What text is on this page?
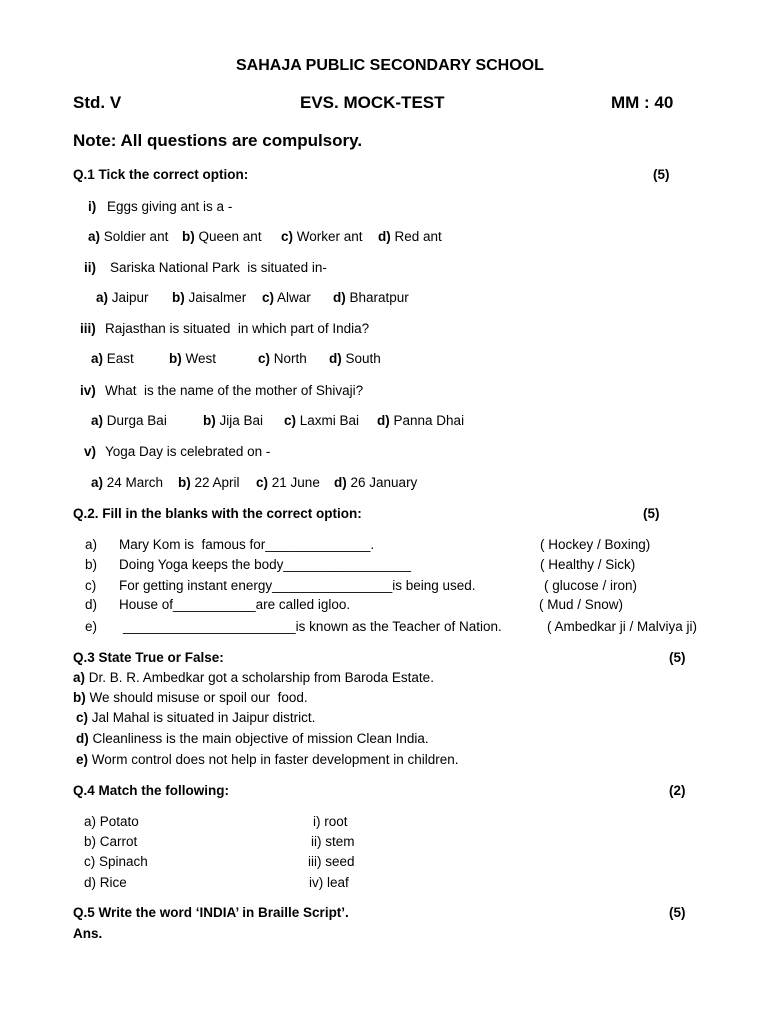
SAHAJA PUBLIC SECONDARY SCHOOL
Std. V	EVS. MOCK-TEST	MM : 40
Note: All questions are compulsory.
Q.1 Tick the correct option:	(5)
i) Eggs giving ant is a -
a) Soldier ant b) Queen ant c) Worker ant d) Red ant
ii) Sariska National Park  is situated in-
a) Jaipur b) Jaisalmer c) Alwar d) Bharatpur
iii) Rajasthan is situated  in which part of India?
a) East	b) West	c) North d) South
iv) What  is the name of the mother of Shivaji?
a) Durga Bai	b) Jija Bai c) Laxmi Bai d) Panna Dhai
v) Yoga Day is celebrated on -
a) 24 March b) 22 April c) 21 June d) 26 January
Q.2. Fill in the blanks with the correct option:	(5)
a) Mary Kom is  famous for______________.	( Hockey / Boxing)
b) Doing Yoga keeps the body_________________	( Healthy / Sick)
c) For getting instant energy________________is being used.	( glucose / iron)
d) House of___________are called igloo.	( Mud / Snow)
e) _______________________is known as the Teacher of Nation.	( Ambedkar ji / Malviya ji)
Q.3 State True or False:	(5)
a) Dr. B. R. Ambedkar got a scholarship from Baroda Estate.
b) We should misuse or spoil our  food.
c) Jal Mahal is situated in Jaipur district.
d) Cleanliness is the main objective of mission Clean India.
e) Worm control does not help in faster development in children.
Q.4 Match the following:	(2)
a) Potato	i) root
b) Carrot	ii) stem
c) Spinach	iii) seed
d) Rice	iv) leaf
Q.5 Write the word ‘INDIA’ in Braille Script’.	(5)
Ans.
